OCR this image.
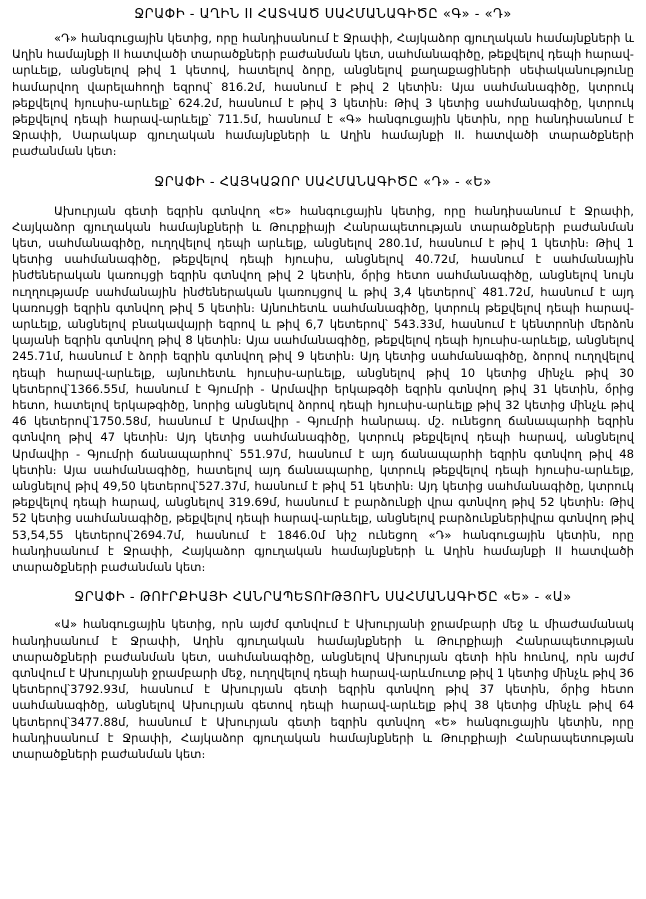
ՋՐԱՓԻ - ԱՂԻՆ II ՀԱՏՎԱԾ ՍԱՀՄԱՆԱԳԻԾԸ «Գ» - «Դ»

«Դ» հանգուցային կետից, որը հանդիսանում է Ջրափի, Հայկաձոր գյուղական համայնքների և Աղին համայնքի II հատվածի տարածքների բաժանման կետ, սահմանագիծը, թեքվելով դեպի հարավ-արևելք, անցնելով թիվ 1 կետով, հատելով ձորը, անցնելով քաղաքացիների սեփականությունը համարվող վարելահողի եզրով՝ 816.2մ, հասնում է թիվ 2 կետին։ Այա սահմանագիծը, կտրուկ թեքվելով հյուսիս-արևելք՝ 624.2մ, հասնում է թիվ 3 կետին։ Թիվ 3 կետից սահմանագիծը, կտրուկ թեքվելով դեպի հարավ-արևելք՝ 711.5մ, հասնում է «Գ» հանգուցային կետին, որը հանդիսանում է Ջրափի, Սարակաp գյուղական համայնքների և Աղին համայնքի II. հատվածի տարածքների բաժանման կետ։

ՋՐԱՓԻ - ՀԱՅԿԱՁՈՐ ՍԱՀՄԱՆԱԳԻԾԸ «Դ» - «Ե»

Ախուրյան գետի եզրին գտնվող «Ե» հանգուցային կետից, որը հանդիսանում է Ջրափի, Հայկաձոր գյուղական համայնքների և Թուրքիայի Հանրապետության տարածքների բաժանման կետ, սահմանագիծը, ուղղվելով դեպի արևելք, անցնելով 280.1մ, հասնում է թիվ 1 կետին։ Թիվ 1 կետից սահմանագիծը, թեքվելով դեպի հյուսիս, անցնելով 40.72մ, հասնում է սահմանային ինժեներական կառույցի եզրին գտնվող թիվ 2 կետին, ồրից հետո սահմանագիծը, անցնելով նույն ուղղությամբ սահմանային ինժեներական կառույցով և թիվ 3,4 կետերով՝ 481.72մ, հասնում է այդ կառույցի եզրին գտնվող թիվ 5 կետին։ Այնուհետև սահմանագիծը, կտրուկ թեքվելով դեպի հարավ-արևելք, անցնելով բնակավայրի եզրով և թիվ 6,7 կետերով՝ 543.33մ, հասնում է կենտրոնի մերձոն կայանի եզրին գտնվող թիվ 8 կետին։ Այա սահմանագիծը, թեքվելով դեպի հյուսիս-արևելք, անցնելով 245.71մ, հասնում է ձորի եզրին գտնվող թիվ 9 կետին։ Այդ կետից սահմանագիծը, ձորով ուղղվելով դեպի հարավ-արևելք, այնուհետև հյուսիս-արևելք, անցնելով թիվ 10 կետից մինչև թիվ 30 կետերով՝1366.55մ, հասնում է Գյումրի - Արմավիր երկաթգծի եզրին գտնվող թիվ 31 կետին, ồրից հետո, հատելով երկաթգիծը, նորից անցնելով ձորով դեպի հյուսիս-արևելք թիվ 32 կետից մինչև թիվ 46 կետերով՝1750.58մ, հասնում է Արմավիր - Գյումրի հանրապ. մշ. ունեցող ճանապարհի եզրին գտնվող թիվ 47 կետին։ Այդ կետից սահմանագիծը, կտրուկ թեքվելով դեպի հարավ, անցնելով Արմավիր - Գյումրի ճանապարհով՝ 551.97մ, հասնում է այդ ճանապարհի եզրին գտնվող թիվ 48 կետին։ Այա սահմանագիծը, հատելով այդ ճանապարհը, կտրուկ թեքվելով դեպի հյուսիս-արևելք, անցնելով թիվ 49,50 կետերով՝527.37մ, հասնում է թիվ 51 կետին։ Այդ կետից սահմանագիծը, կտրուկ թեքվելով դեպի հարավ, անցնելով 319.69մ, հասնում է բարձունքի վրա գտնվող թիվ 52 կետին։ Թիվ 52 կետից սահմանագիծը, թեքվելով դեպի հարավ-արևելք, անցնելով բարձունքներիվրա գտնվող թիվ 53,54,55 կետերով՝2694.7մ, հասնում է 1846.0մ նիշ ունեցող «Դ» հանգուցային կետին, որը հանդիսանում է Ջրափի, Հայկաձոր գյուղական համայնքների և Աղին համայնքի II հատվածի տարածքների բաժանման կետ։

ՋՐԱՓԻ - ԹՈՒՐՔԻԱՅԻ ՀԱՆՐԱՊԵՏՈՒԹՅՈՒՆ ՍԱՀՄԱՆԱԳԻԾԸ «Ե» - «Ա»

«Ա» հանգուցային կետից, որն այժմ գտնվում է Ախուրյանի ջրամբարի մեջ և միաժամանակ հանդիսանում է Ջրափի, Աղին գյուղական համայնքների և Թուրքիայի Հանրապետության տարածքների բաժանման կետ, սահմանագիծը, անցնելով Ախուրյան գետի հին հունով, որն այժմ գտնվում է Ախուրյանի ջրամբարի մեջ, ուղղվելով դեպի հարավ-արևմուտք թիվ 1 կետից մինչև թիվ 36 կետերով՝3792.93մ, հասնում է Ախուրյան գետի եզրին գտնվող թիվ 37 կետին, ồրից հետո սահմանագիծը, անցնելով Ախուրյան գետով դեպի հարավ-արևելք թիվ 38 կետից մինչև թիվ 64 կետերով՝3477.88մ, հասնում է Ախուրյան գետի եզրին գտնվող «Ե» հանգուցային կետին, որը հանդիսանում է Ջրափի, Հայկաձոր գյուղական համայնքների և Թուրքիայի Հանրապետության տարածքների բաժանման կետ։
